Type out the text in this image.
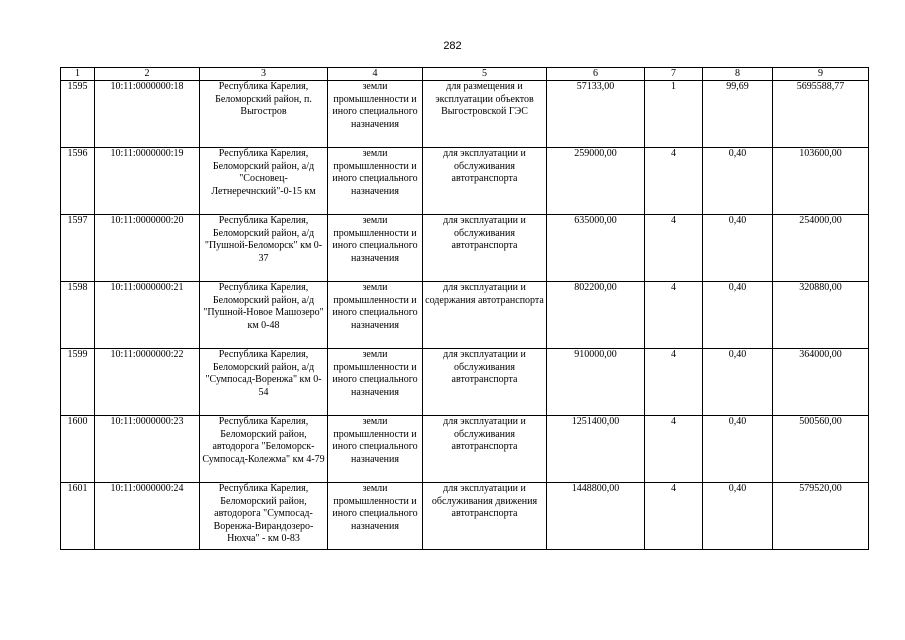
282
1	2	3	4	5	6	7	8	9
1595	10:11:0000000:18	Республика Карелия, Беломорский район, п. Выгостров	земли промышленности и иного специального назначения	для размещения и эксплуатации объектов Выгостровской ГЭС	57133,00	1	99,69	5695588,77
1596	10:11:0000000:19	Республика Карелия, Беломорский район, а/д "Сосновец-Летнеречнский"-0-15 км	земли промышленности и иного специального назначения	для эксплуатации и обслуживания автотранспорта	259000,00	4	0,40	103600,00
1597	10:11:0000000:20	Республика Карелия, Беломорский район, а/д "Пушной-Беломорск" км 0-37	земли промышленности и иного специального назначения	для эксплуатации и обслуживания автотранспорта	635000,00	4	0,40	254000,00
1598	10:11:0000000:21	Республика Карелия, Беломорский район, а/д "Пушной-Новое Машозеро" км 0-48	земли промышленности и иного специального назначения	для эксплуатации и содержания автотранспорта	802200,00	4	0,40	320880,00
1599	10:11:0000000:22	Республика Карелия, Беломорский район, а/д "Сумпосад-Воренжа" км 0-54	земли промышленности и иного специального назначения	для эксплуатации и обслуживания автотранспорта	910000,00	4	0,40	364000,00
1600	10:11:0000000:23	Республика Карелия, Беломорский район, автодорога "Беломорск-Сумпосад-Колежма" км 4-79	земли промышленности и иного специального назначения	для эксплуатации и обслуживания автотранспорта	1251400,00	4	0,40	500560,00
1601	10:11:0000000:24	Республика Карелия, Беломорский район, автодорога "Сумпосад-Воренжа-Вирандозеро-Нюхча" - км 0-83	земли промышленности и иного специального назначения	для эксплуатации и обслуживания движения автотранспорта	1448800,00	4	0,40	579520,00
